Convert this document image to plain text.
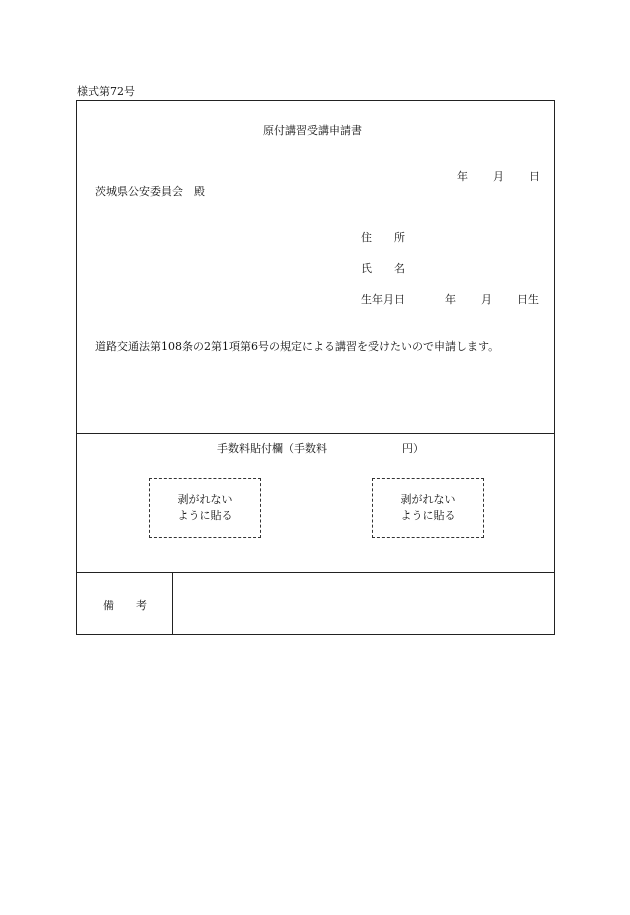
様式第72号
原付講習受講申請書
年 月 日
茨城県公安委員会　殿
住　　所
氏　　名
生年月日	年 月 日生
道路交通法第108条の2第1項第6号の規定による講習を受けたいので申請します。
手数料貼付欄（手数料	円）
剥がれない
ように貼る
剥がれない
ように貼る
備　　考
